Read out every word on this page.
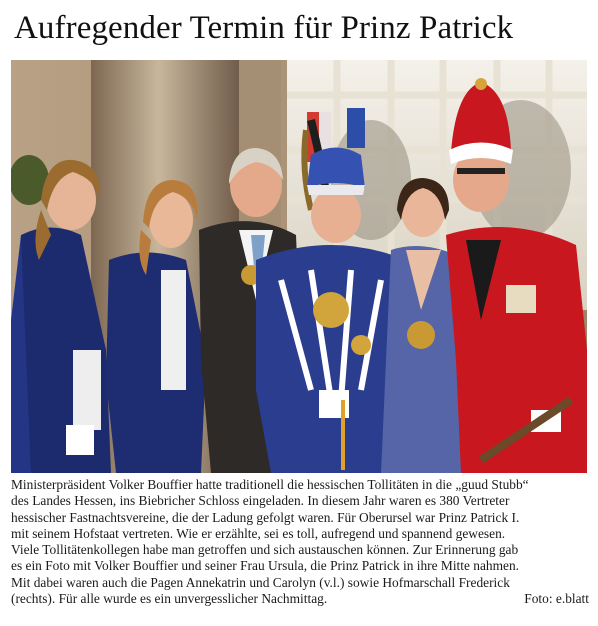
Aufregender Termin für Prinz Patrick
Ministerpräsident Volker Bouffier hatte traditionell die hessischen Tollitäten in die „guud Stubb“
des Landes Hessen, ins Biebricher Schloss eingeladen. In diesem Jahr waren es 380 Vertreter
hessischer Fastnachtsvereine, die der Ladung gefolgt waren. Für Oberursel war Prinz Patrick I.
mit seinem Hofstaat vertreten. Wie er erzählte, sei es toll, aufregend und spannend gewesen.
Viele Tollitätenkollegen habe man getroffen und sich austauschen können. Zur Erinnerung gab
es ein Foto mit Volker Bouffier und seiner Frau Ursula, die Prinz Patrick in ihre Mitte nahmen.
Mit dabei waren auch die Pagen Annekatrin und Carolyn (v.l.) sowie Hofmarschall Frederick
(rechts). Für alle wurde es ein unvergesslicher Nachmittag.	Foto: e.blatt
